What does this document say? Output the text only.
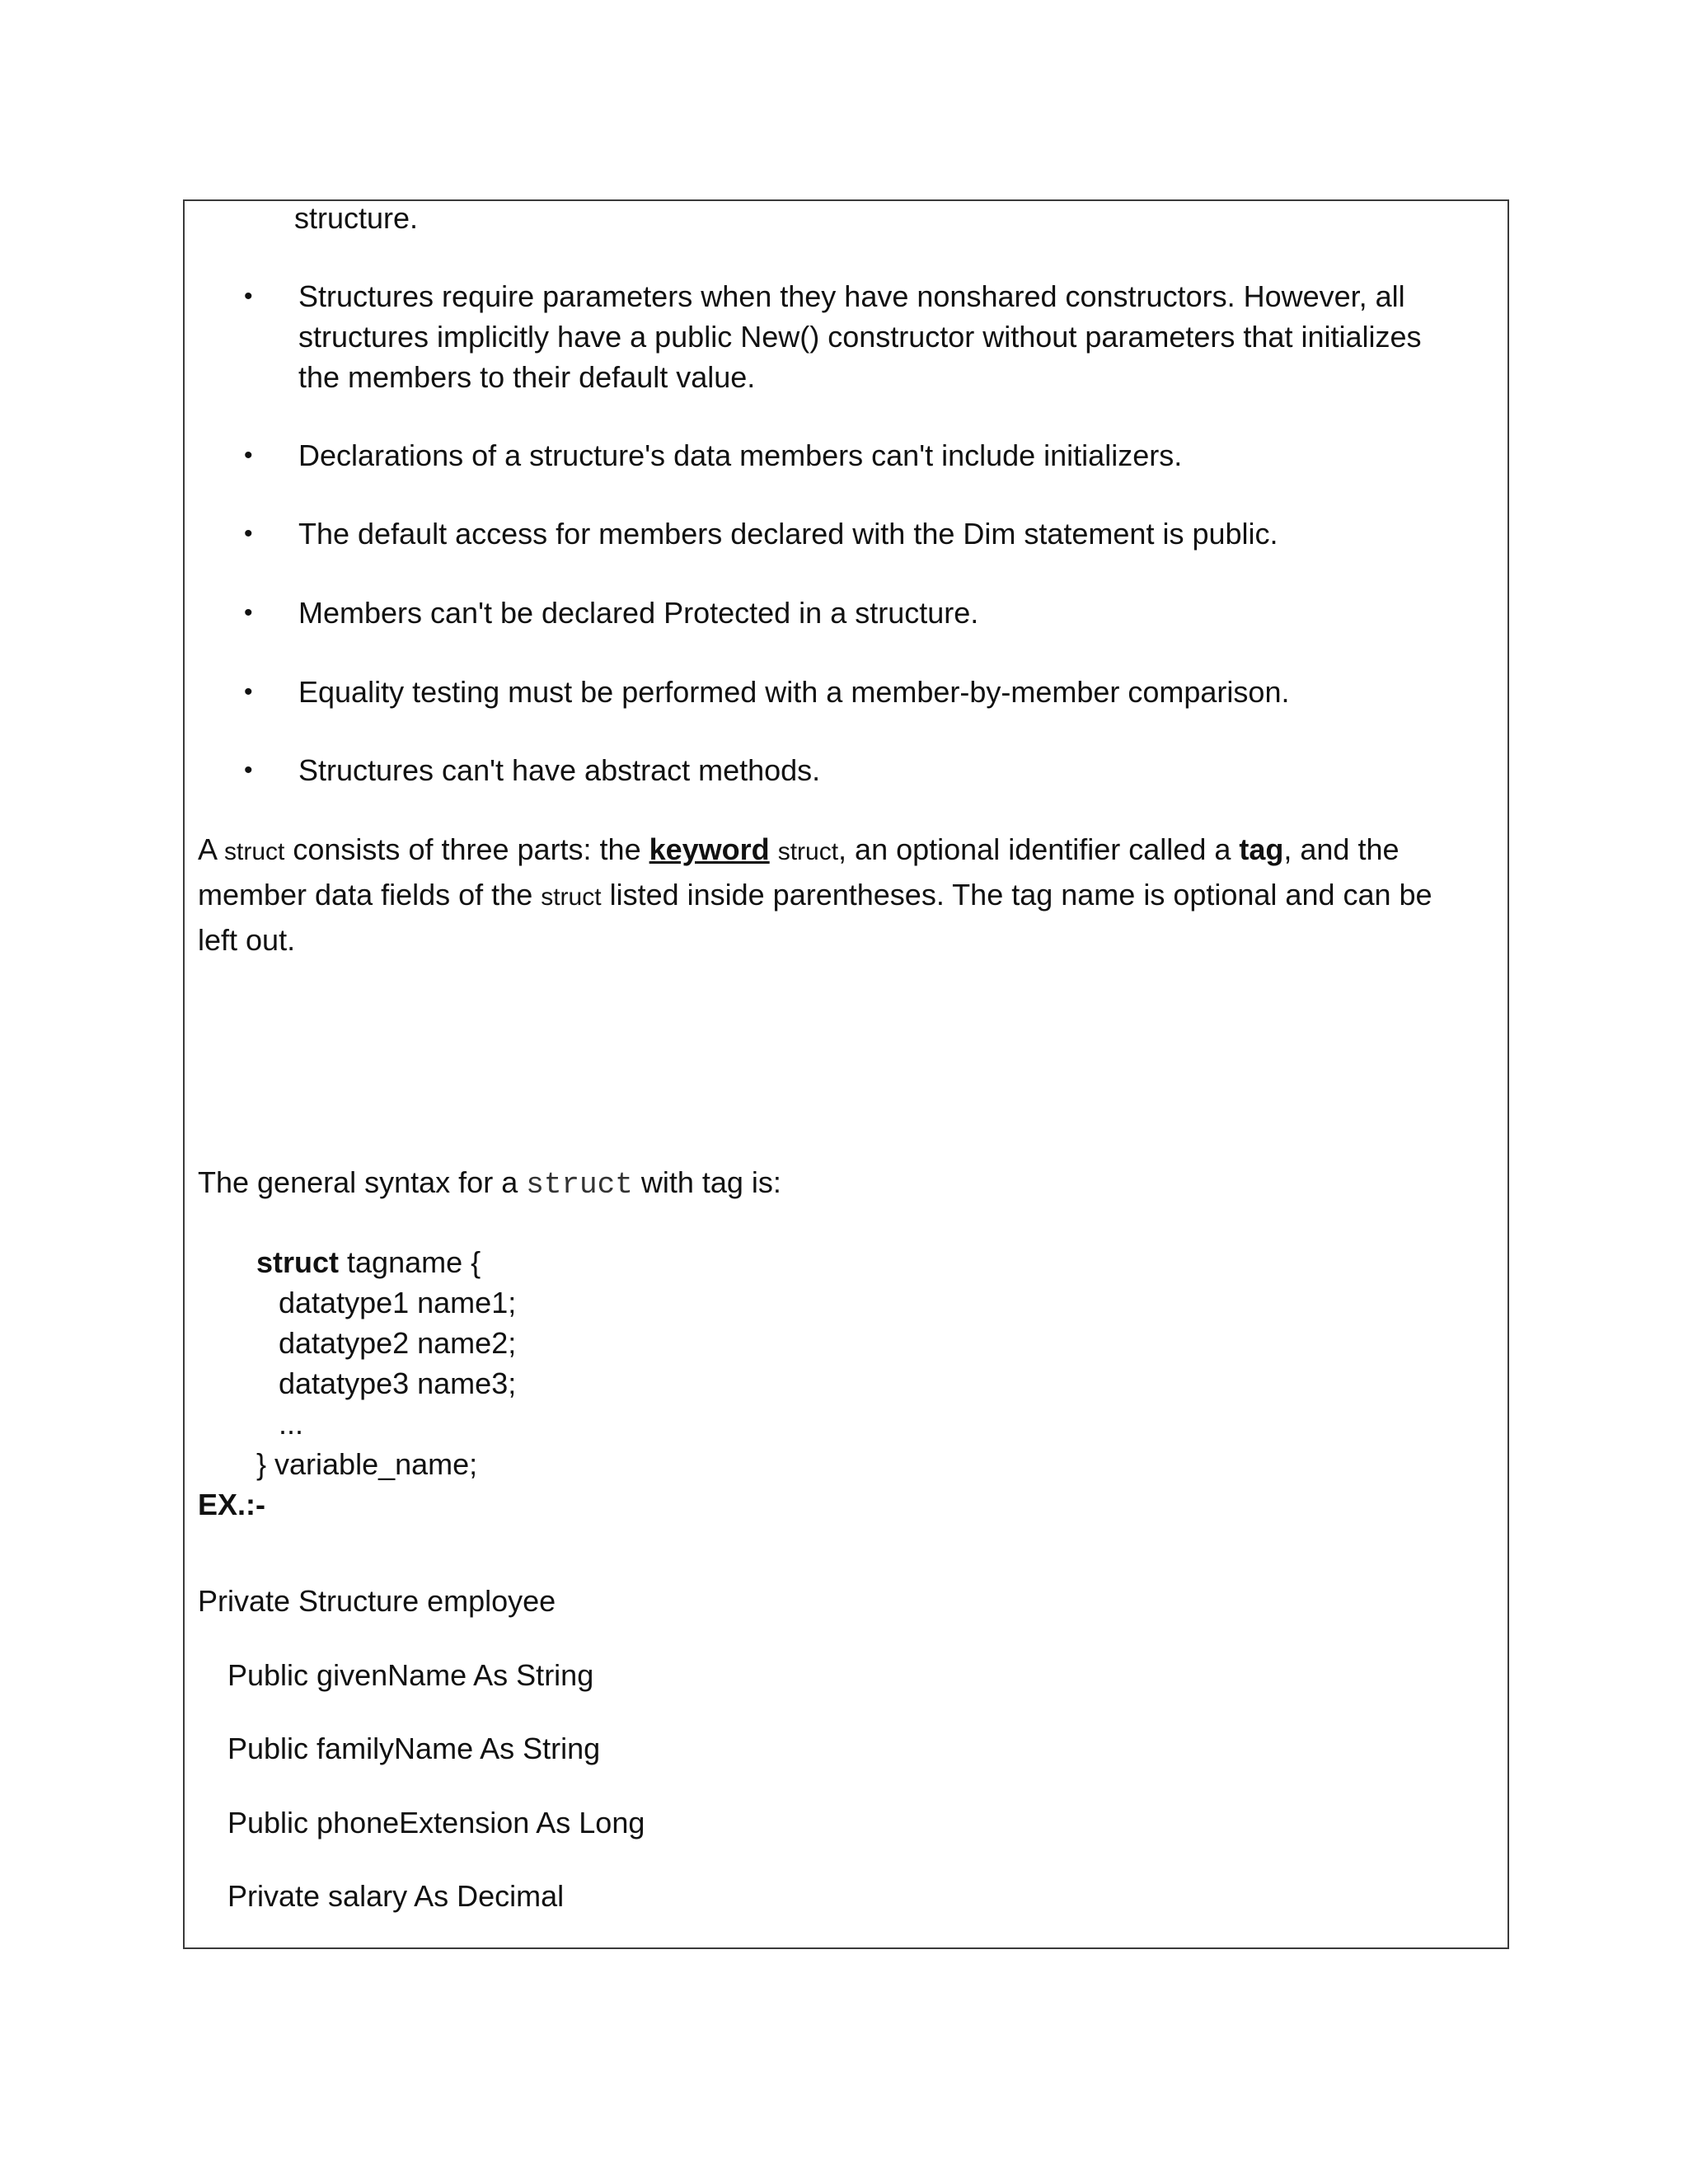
structure.
• Structures require parameters when they have nonshared constructors. However, all
structures implicitly have a public New() constructor without parameters that initializes
the members to their default value.
• Declarations of a structure's data members can't include initializers.
• The default access for members declared with the Dim statement is public.
• Members can't be declared Protected in a structure.
• Equality testing must be performed with a member-by-member comparison.
• Structures can't have abstract methods.
A struct consists of three parts: the keyword struct, an optional identifier called a tag, and the
member data fields of the struct listed inside parentheses. The tag name is optional and can be
left out.
The general syntax for a struct with tag is:
struct tagname {
datatype1 name1;
datatype2 name2;
datatype3 name3;
...
} variable_name;
EX.:-
Private Structure employee
Public givenName As String
Public familyName As String
Public phoneExtension As Long
Private salary As Decimal
